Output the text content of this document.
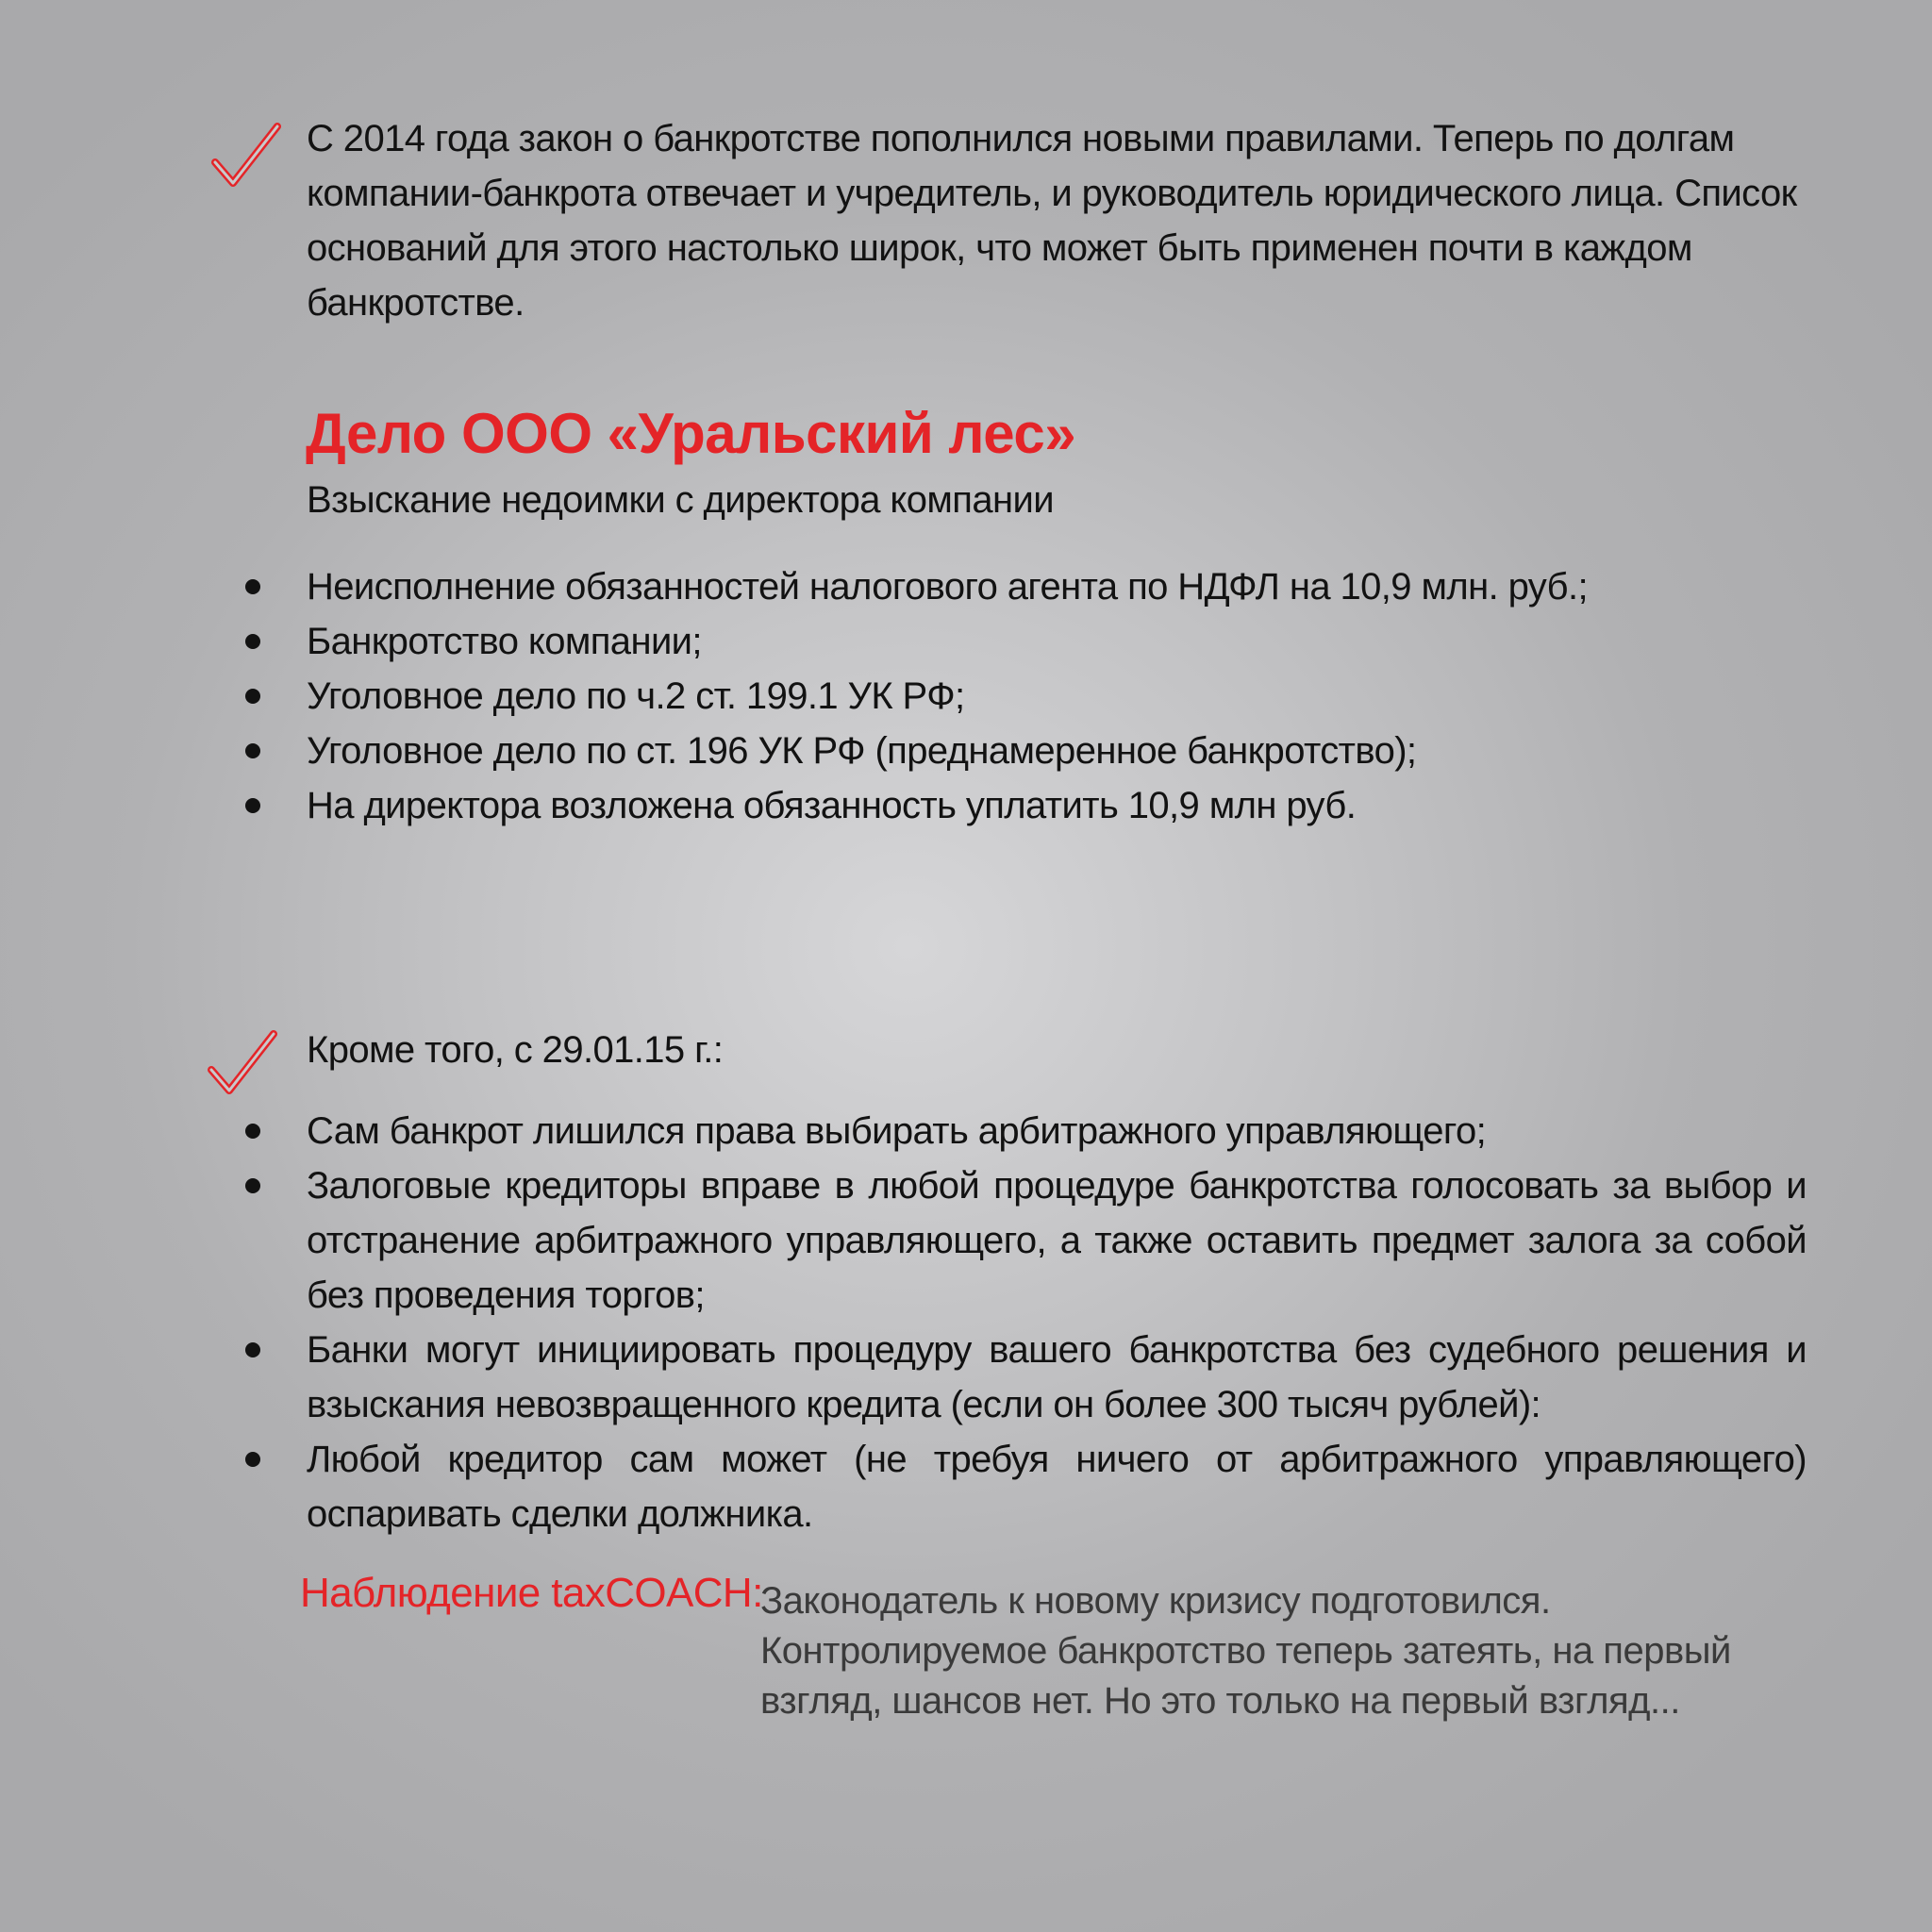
С 2014 года закон о банкротстве пополнился новыми правилами. Теперь по долгам компании-банкрота отвечает и учредитель, и руководитель юридического лица. Список оснований для этого настолько широк, что может быть применен почти в каждом банкротстве.

Дело ООО «Уральский лес»

Взыскание недоимки с директора компании

Неисполнение обязанностей налогового агента по НДФЛ на 10,9 млн. руб.;
Банкротство компании;
Уголовное дело по ч.2 ст. 199.1 УК РФ;
Уголовное дело по ст. 196 УК РФ (преднамеренное банкротство);
На директора возложена обязанность уплатить 10,9 млн руб.

Кроме того, с 29.01.15 г.:

Сам банкрот лишился права выбирать арбитражного управляющего;
Залоговые кредиторы вправе в любой процедуре банкротства голосовать за выбор и отстранение арбитражного управляющего, а также оставить предмет залога за собой без проведения торгов;
Банки могут инициировать процедуру вашего банкротства без судебного решения и взыскания невозвращенного кредита (если он более 300 тысяч рублей):
Любой кредитор сам может (не требуя ничего от арбитражного управляющего) оспаривать сделки должника.

Наблюдение taxCOACH:

Законодатель к новому кризису подготовился. Контролируемое банкротство теперь затеять, на первый взгляд, шансов нет. Но это только на первый взгляд...
